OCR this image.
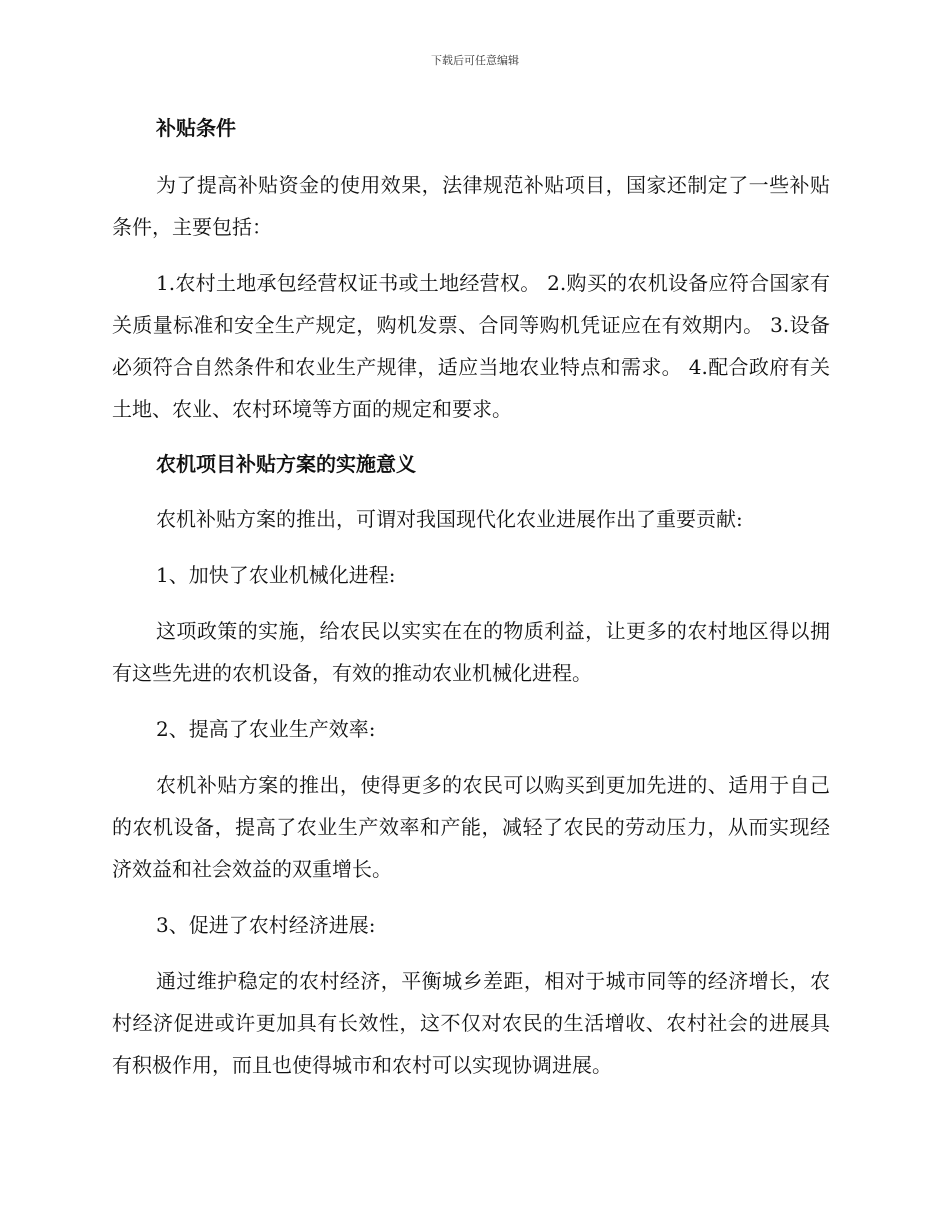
下载后可任意编辑
补贴条件

为了提高补贴资金的使用效果，法律规范补贴项目，国家还制定了一些补贴条件，主要包括：

1.农村土地承包经营权证书或土地经营权。 2.购买的农机设备应符合国家有关质量标准和安全生产规定，购机发票、合同等购机凭证应在有效期内。 3.设备必须符合自然条件和农业生产规律，适应当地农业特点和需求。 4.配合政府有关土地、农业、农村环境等方面的规定和要求。

农机项目补贴方案的实施意义

农机补贴方案的推出，可谓对我国现代化农业进展作出了重要贡献:

1、加快了农业机械化进程:

这项政策的实施，给农民以实实在在的物质利益，让更多的农村地区得以拥有这些先进的农机设备，有效的推动农业机械化进程。

2、提高了农业生产效率:

农机补贴方案的推出，使得更多的农民可以购买到更加先进的、适用于自己的农机设备，提高了农业生产效率和产能，减轻了农民的劳动压力，从而实现经济效益和社会效益的双重增长。

3、促进了农村经济进展:

通过维护稳定的农村经济，平衡城乡差距，相对于城市同等的经济增长，农村经济促进或许更加具有长效性，这不仅对农民的生活增收、农村社会的进展具有积极作用，而且也使得城市和农村可以实现协调进展。
